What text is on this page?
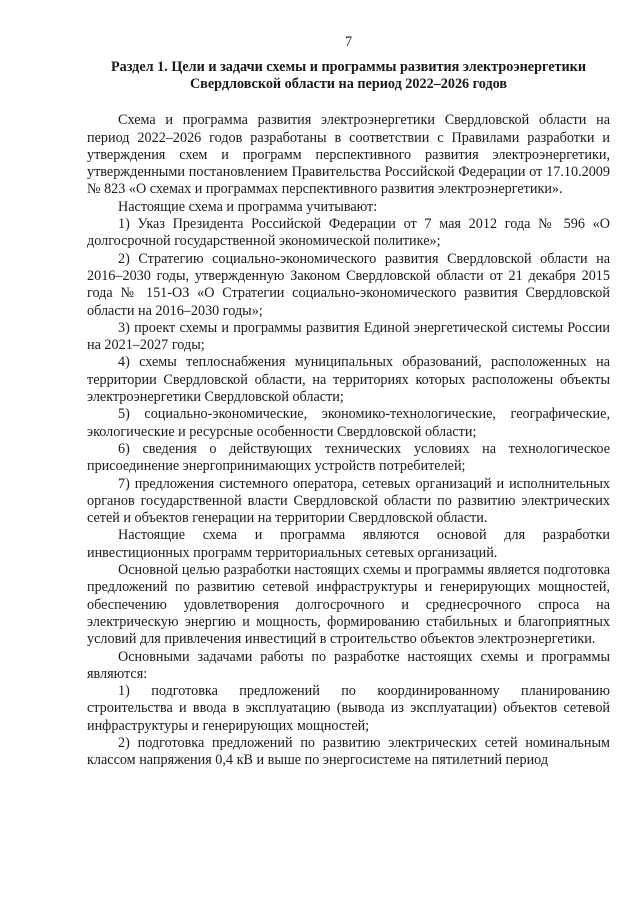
7
Раздел 1. Цели и задачи схемы и программы развития электроэнергетики Свердловской области на период 2022–2026 годов

Схема и программа развития электроэнергетики Свердловской области на период 2022–2026 годов разработаны в соответствии с Правилами разработки и утверждения схем и программ перспективного развития электроэнергетики, утвержденными постановлением Правительства Российской Федерации от 17.10.2009 № 823 «О схемах и программах перспективного развития электроэнергетики».

Настоящие схема и программа учитывают:

1) Указ Президента Российской Федерации от 7 мая 2012 года № 596 «О долгосрочной государственной экономической политике»;

2) Стратегию социально-экономического развития Свердловской области на 2016–2030 годы, утвержденную Законом Свердловской области от 21 декабря 2015 года № 151-ОЗ «О Стратегии социально-экономического развития Свердловской области на 2016–2030 годы»;

3) проект схемы и программы развития Единой энергетической системы России на 2021–2027 годы;

4) схемы теплоснабжения муниципальных образований, расположенных на территории Свердловской области, на территориях которых расположены объекты электроэнергетики Свердловской области;

5) социально-экономические, экономико-технологические, географические, экологические и ресурсные особенности Свердловской области;

6) сведения о действующих технических условиях на технологическое присоединение энергопринимающих устройств потребителей;

7) предложения системного оператора, сетевых организаций и исполнительных органов государственной власти Свердловской области по развитию электрических сетей и объектов генерации на территории Свердловской области.

Настоящие схема и программа являются основой для разработки инвестиционных программ территориальных сетевых организаций.

Основной целью разработки настоящих схемы и программы является подготовка предложений по развитию сетевой инфраструктуры и генерирующих мощностей, обеспечению удовлетворения долгосрочного и среднесрочного спроса на электрическую энергию и мощность, формированию стабильных и благоприятных условий для привлечения инвестиций в строительство объектов электроэнергетики.

Основными задачами работы по разработке настоящих схемы и программы являются:

1) подготовка предложений по координированному планированию строительства и ввода в эксплуатацию (вывода из эксплуатации) объектов сетевой инфраструктуры и генерирующих мощностей;

2) подготовка предложений по развитию электрических сетей номинальным классом напряжения 0,4 кВ и выше по энергосистеме на пятилетний период
